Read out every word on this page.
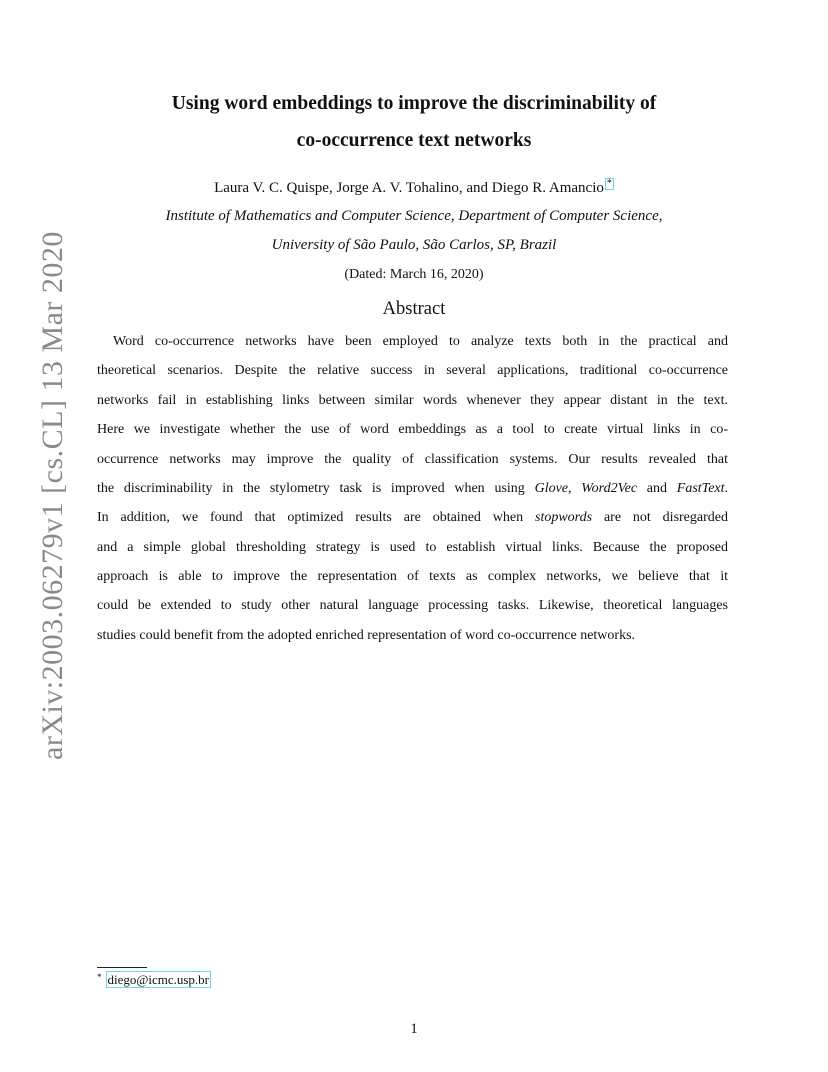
arXiv:2003.06279v1 [cs.CL] 13 Mar 2020
Using word embeddings to improve the discriminability of
co-occurrence text networks
Laura V. C. Quispe, Jorge A. V. Tohalino, and Diego R. Amancio *
Institute of Mathematics and Computer Science, Department of Computer Science,
University of São Paulo, São Carlos, SP, Brazil
(Dated: March 16, 2020)
Abstract
Word co-occurrence networks have been employed to analyze texts both in the practical and
theoretical scenarios. Despite the relative success in several applications, traditional co-occurrence
networks fail in establishing links between similar words whenever they appear distant in the text.
Here we investigate whether the use of word embeddings as a tool to create virtual links in co-
occurrence networks may improve the quality of classification systems. Our results revealed that
the discriminability in the stylometry task is improved when using Glove, Word2Vec and FastText.
In addition, we found that optimized results are obtained when stopwords are not disregarded
and a simple global thresholding strategy is used to establish virtual links. Because the proposed
approach is able to improve the representation of texts as complex networks, we believe that it
could be extended to study other natural language processing tasks. Likewise, theoretical languages
studies could benefit from the adopted enriched representation of word co-occurrence networks.
* diego@icmc.usp.br
1
